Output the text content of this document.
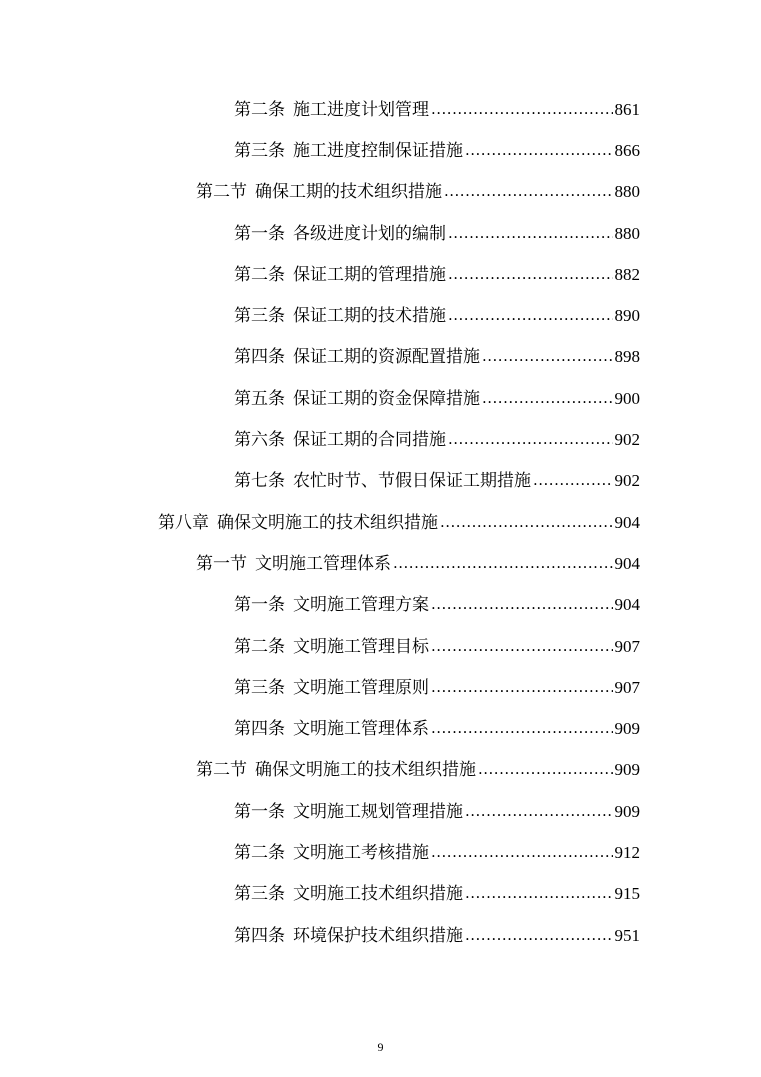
第二条 施工进度计划管理 .....	861
第三条 施工进度控制保证措施 .....	866
第二节 确保工期的技术组织措施 .....	880
第一条 各级进度计划的编制 .....	880
第二条 保证工期的管理措施 .....	882
第三条 保证工期的技术措施 .....	890
第四条 保证工期的资源配置措施 .....	898
第五条 保证工期的资金保障措施 .....	900
第六条 保证工期的合同措施 .....	902
第七条 农忙时节、节假日保证工期措施 .....	902
第八章 确保文明施工的技术组织措施 .....	904
第一节 文明施工管理体系 .....	904
第一条 文明施工管理方案 .....	904
第二条 文明施工管理目标 .....	907
第三条 文明施工管理原则 .....	907
第四条 文明施工管理体系 .....	909
第二节 确保文明施工的技术组织措施 .....	909
第一条 文明施工规划管理措施 .....	909
第二条 文明施工考核措施 .....	912
第三条 文明施工技术组织措施 .....	915
第四条 环境保护技术组织措施 .....	951
9
